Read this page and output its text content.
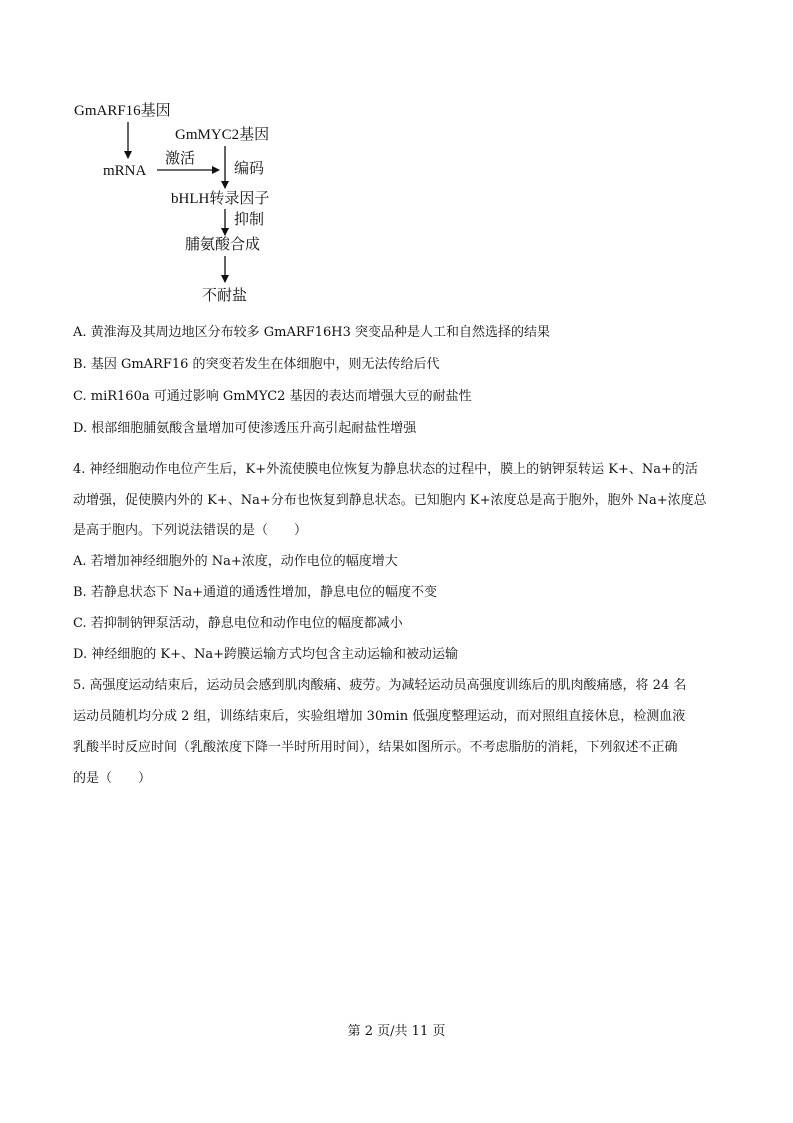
GmARF16基因
GmMYC2基因
激活
编码
mRNA
bHLH转录因子
抑制
脯氨酸合成
不耐盐
A. 黄淮海及其周边地区分布较多 GmARF16H3 突变品种是人工和自然选择的结果
B. 基因 GmARF16 的突变若发生在体细胞中，则无法传给后代
C. miR160a 可通过影响 GmMYC2 基因的表达而增强大豆的耐盐性
D. 根部细胞脯氨酸含量增加可使渗透压升高引起耐盐性增强
4. 神经细胞动作电位产生后，K+外流使膜电位恢复为静息状态的过程中，膜上的钠钾泵转运 K+、Na+的活
动增强，促使膜内外的 K+、Na+分布也恢复到静息状态。已知胞内 K+浓度总是高于胞外，胞外 Na+浓度总
是高于胞内。下列说法错误的是（　　）
A. 若增加神经细胞外的 Na+浓度，动作电位的幅度增大
B. 若静息状态下 Na+通道的通透性增加，静息电位的幅度不变
C. 若抑制钠钾泵活动，静息电位和动作电位的幅度都减小
D. 神经细胞的 K+、Na+跨膜运输方式均包含主动运输和被动运输
5. 高强度运动结束后，运动员会感到肌肉酸痛、疲劳。为减轻运动员高强度训练后的肌肉酸痛感，将 24 名
运动员随机均分成 2 组，训练结束后，实验组增加 30min 低强度整理运动，而对照组直接休息，检测血液
乳酸半时反应时间（乳酸浓度下降一半时所用时间），结果如图所示。不考虑脂肪的消耗，下列叙述不正确
的是（　　）
第 2 页/共 11 页
